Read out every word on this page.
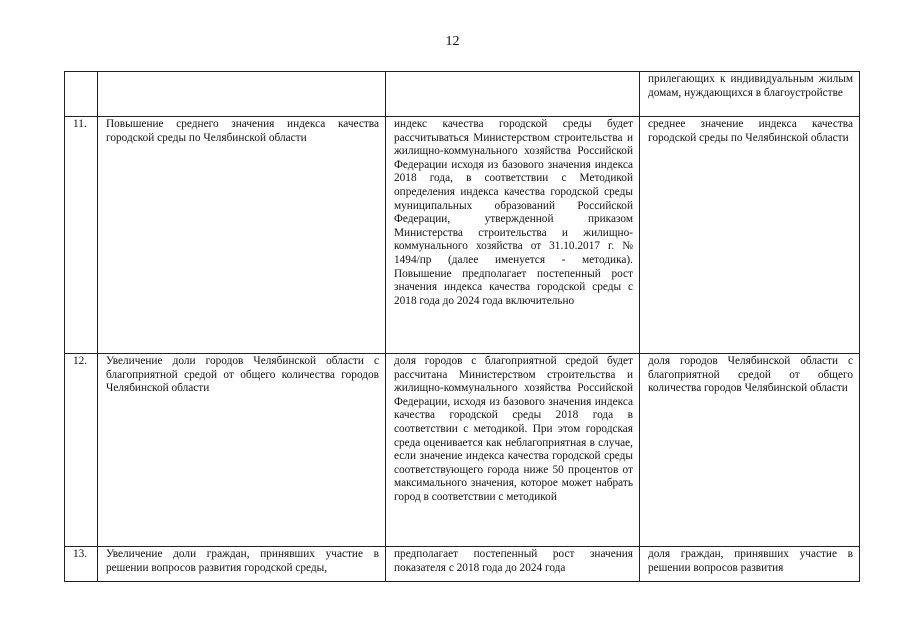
12
			прилегающих к индивидуальным жилым домам, нуждающихся в благоустройстве
11.	Повышение среднего значения индекса качества городской среды по Челябинской области	индекс качества городской среды будет рассчитываться Министерством строительства и жилищно-коммунального хозяйства Российской Федерации исходя из базового значения индекса 2018 года, в соответствии с Методикой определения индекса качества городской среды муниципальных образований Российской Федерации, утвержденной приказом Министерства строительства и жилищно-коммунального хозяйства от 31.10.2017 г. № 1494/пр (далее именуется - методика). Повышение предполагает постепенный рост значения индекса качества городской среды с 2018 года до 2024 года включительно	среднее значение индекса качества городской среды по Челябинской области
12.	Увеличение доли городов Челябинской области с благоприятной средой от общего количества городов Челябинской области	доля городов с благоприятной средой будет рассчитана Министерством строительства и жилищно-коммунального хозяйства Российской Федерации, исходя из базового значения индекса качества городской среды 2018 года в соответствии с методикой. При этом городская среда оценивается как неблагоприятная в случае, если значение индекса качества городской среды соответствующего города ниже 50 процентов от максимального значения, которое может набрать город в соответствии с методикой	доля городов Челябинской области с благоприятной средой от общего количества городов Челябинской области
13.	Увеличение доли граждан, принявших участие в решении вопросов развития городской среды,	предполагает постепенный рост значения показателя с 2018 года до 2024 года	доля граждан, принявших участие в решении вопросов развития
